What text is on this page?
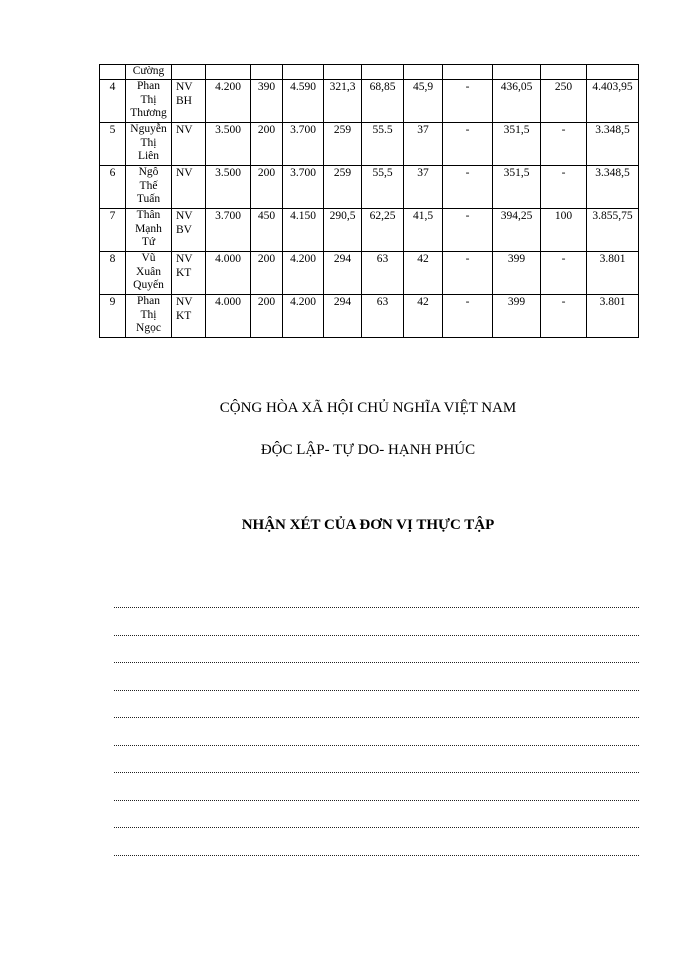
	Cường											

4	Phan
Thị
Thương	NV
BH	4.200	390	4.590	321,3	68,85	45,9	-	436,05	250	4.403,95
5	Nguyễn
Thị
Liên	NV	3.500	200	3.700	259	55.5	37	-	351,5	-	3.348,5
6	Ngô
Thế
Tuấn	NV	3.500	200	3.700	259	55,5	37	-	351,5	-	3.348,5
7	Thân
Mạnh
Tứ	NV
BV	3.700	450	4.150	290,5	62,25	41,5	-	394,25	100	3.855,75
8	Vũ
Xuân
Quyến	NV
KT	4.000	200	4.200	294	63	42	-	399	-	3.801
9	Phan
Thị
Ngọc	NV
KT	4.000	200	4.200	294	63	42	-	399	-	3.801
CỘNG HÒA XÃ HỘI CHỦ NGHĨA VIỆT NAM
ĐỘC LẬP- TỰ DO- HẠNH PHÚC
NHẬN XÉT CỦA ĐƠN VỊ THỰC TẬP
